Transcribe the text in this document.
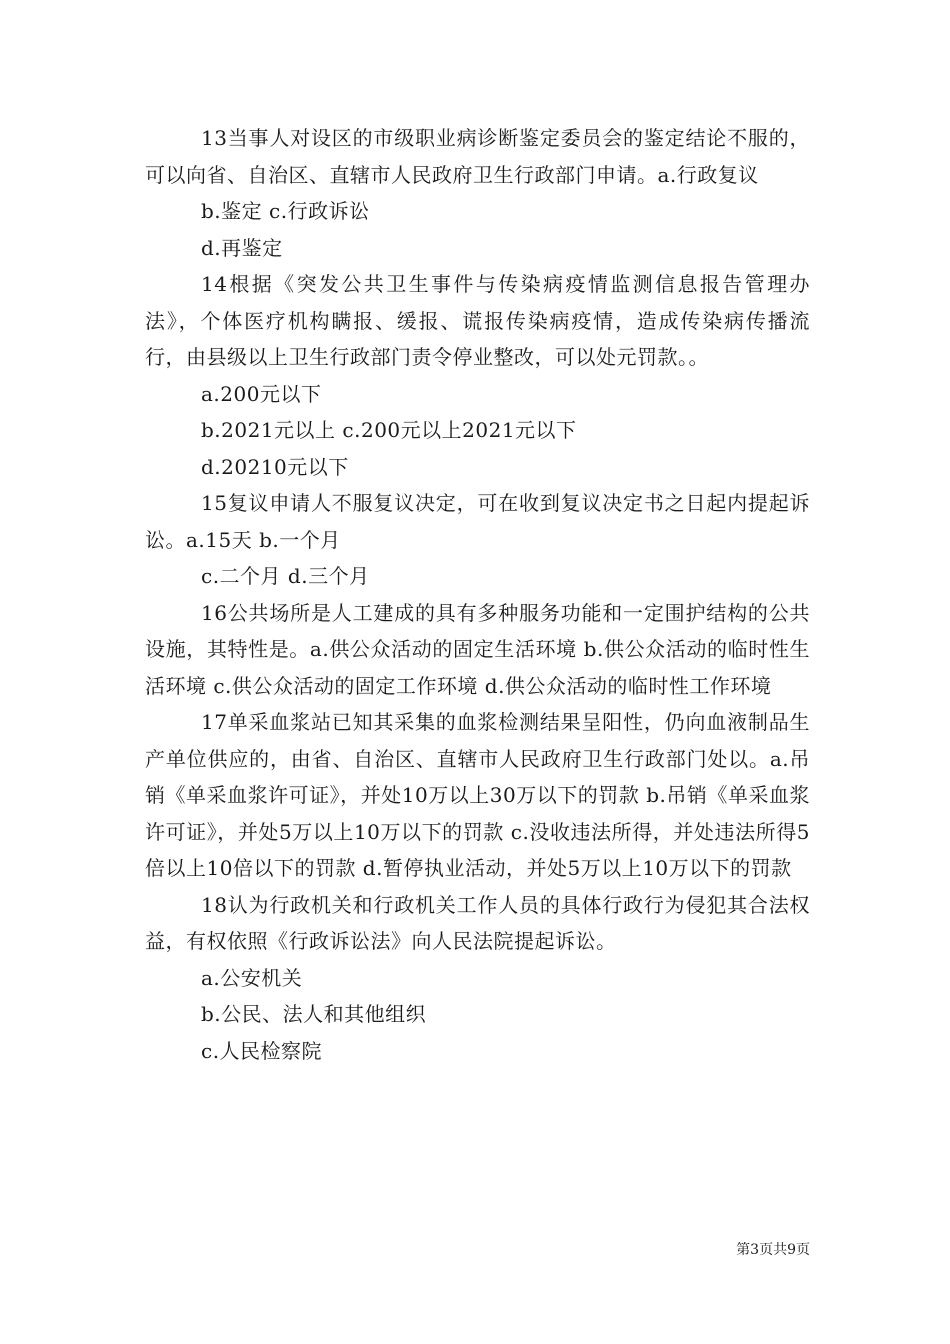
13当事人对设区的市级职业病诊断鉴定委员会的鉴定结论不服的，可以向省、自治区、直辖市人民政府卫生行政部门申请。a.行政复议

b.鉴定 c.行政诉讼

d.再鉴定

14根据《突发公共卫生事件与传染病疫情监测信息报告管理办法》，个体医疗机构瞒报、缓报、谎报传染病疫情，造成传染病传播流行，由县级以上卫生行政部门责令停业整改，可以处元罚款。。

a.200元以下

b.2021元以上 c.200元以上2021元以下

d.20210元以下

15复议申请人不服复议决定，可在收到复议决定书之日起内提起诉讼。a.15天 b.一个月

c.二个月 d.三个月

16公共场所是人工建成的具有多种服务功能和一定围护结构的公共设施，其特性是。a.供公众活动的固定生活环境 b.供公众活动的临时性生活环境 c.供公众活动的固定工作环境 d.供公众活动的临时性工作环境

17单采血浆站已知其采集的血浆检测结果呈阳性，仍向血液制品生产单位供应的，由省、自治区、直辖市人民政府卫生行政部门处以。a.吊销《单采血浆许可证》，并处10万以上30万以下的罚款 b.吊销《单采血浆许可证》，并处5万以上10万以下的罚款 c.没收违法所得，并处违法所得5倍以上10倍以下的罚款 d.暂停执业活动，并处5万以上10万以下的罚款

18认为行政机关和行政机关工作人员的具体行政行为侵犯其合法权益，有权依照《行政诉讼法》向人民法院提起诉讼。

a.公安机关

b.公民、法人和其他组织

c.人民检察院

第3页共9页
